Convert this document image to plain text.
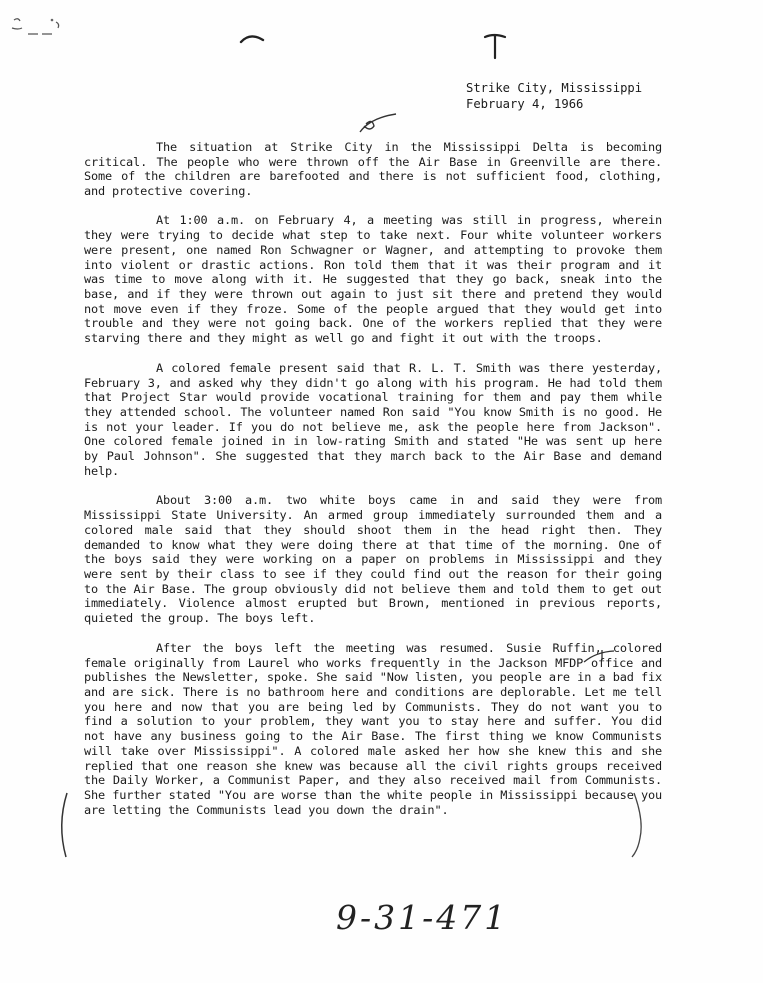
Strike City, Mississippi
February 4, 1966

The situation at Strike City in the Mississippi Delta is becoming critical. The people who were thrown off the Air Base in Greenville are there. Some of the children are barefooted and there is not sufficient food, clothing, and protective covering.

At 1:00 a.m. on February 4, a meeting was still in progress, wherein they were trying to decide what step to take next. Four white volunteer workers were present, one named Ron Schwagner or Wagner, and attempting to provoke them into violent or drastic actions. Ron told them that it was their program and it was time to move along with it. He suggested that they go back, sneak into the base, and if they were thrown out again to just sit there and pretend they would not move even if they froze. Some of the people argued that they would get into trouble and they were not going back. One of the workers replied that they were starving there and they might as well go and fight it out with the troops.

A colored female present said that R. L. T. Smith was there yesterday, February 3, and asked why they didn't go along with his program. He had told them that Project Star would provide vocational training for them and pay them while they attended school. The volunteer named Ron said "You know Smith is no good. He is not your leader. If you do not believe me, ask the people here from Jackson". One colored female joined in in low-rating Smith and stated "He was sent up here by Paul Johnson". She suggested that they march back to the Air Base and demand help.

About 3:00 a.m. two white boys came in and said they were from Mississippi State University. An armed group immediately surrounded them and a colored male said that they should shoot them in the head right then. They demanded to know what they were doing there at that time of the morning. One of the boys said they were working on a paper on problems in Mississippi and they were sent by their class to see if they could find out the reason for their going to the Air Base. The group obviously did not believe them and told them to get out immediately. Violence almost erupted but Brown, mentioned in previous reports, quieted the group. The boys left.

After the boys left the meeting was resumed. Susie Ruffin, colored female originally from Laurel who works frequently in the Jackson MFDP office and publishes the Newsletter, spoke. She said "Now listen, you people are in a bad fix and are sick. There is no bathroom here and conditions are deplorable. Let me tell you here and now that you are being led by Communists. They do not want you to find a solution to your problem, they want you to stay here and suffer. You did not have any business going to the Air Base. The first thing we know Communists will take over Mississippi". A colored male asked her how she knew this and she replied that one reason she knew was because all the civil rights groups received the Daily Worker, a Communist Paper, and they also received mail from Communists. She further stated "You are worse than the white people in Mississippi because you are letting the Communists lead you down the drain".

9-31-471
